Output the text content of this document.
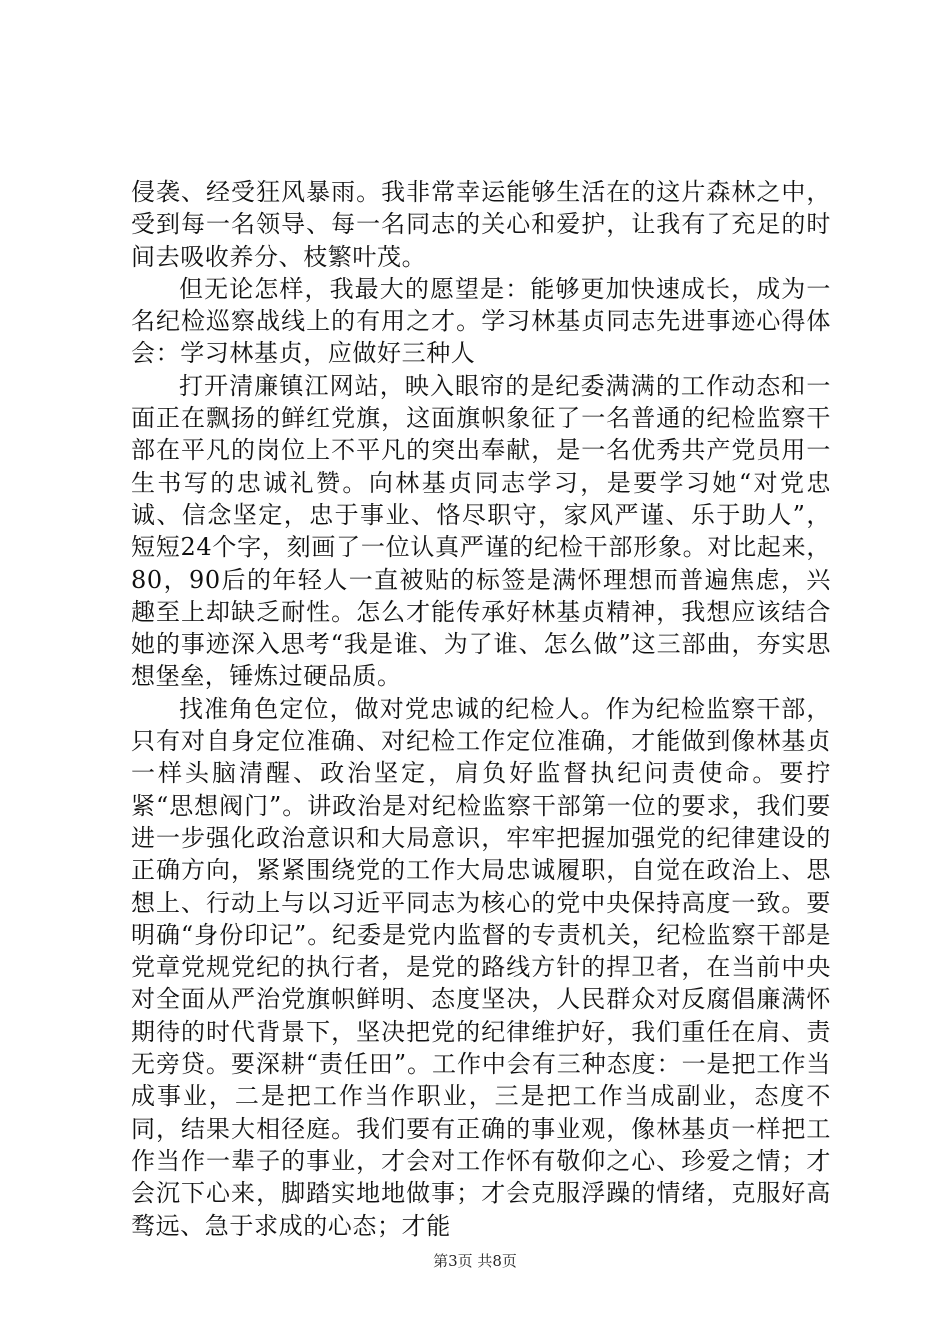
侵袭、经受狂风暴雨。我非常幸运能够生活在的这片森林之中，受到每一名领导、每一名同志的关心和爱护，让我有了充足的时间去吸收养分、枝繁叶茂。

但无论怎样，我最大的愿望是：能够更加快速成长，成为一名纪检巡察战线上的有用之才。学习林基贞同志先进事迹心得体会：学习林基贞，应做好三种人

打开清廉镇江网站，映入眼帘的是纪委满满的工作动态和一面正在飘扬的鲜红党旗，这面旗帜象征了一名普通的纪检监察干部在平凡的岗位上不平凡的突出奉献，是一名优秀共产党员用一生书写的忠诚礼赞。向林基贞同志学习，是要学习她“对党忠诚、信念坚定，忠于事业、恪尽职守，家风严谨、乐于助人”，短短24个字，刻画了一位认真严谨的纪检干部形象。对比起来，80，90后的年轻人一直被贴的标签是满怀理想而普遍焦虑，兴趣至上却缺乏耐性。怎么才能传承好林基贞精神，我想应该结合她的事迹深入思考“我是谁、为了谁、怎么做”这三部曲，夯实思想堡垒，锤炼过硬品质。

找准角色定位，做对党忠诚的纪检人。作为纪检监察干部，只有对自身定位准确、对纪检工作定位准确，才能做到像林基贞一样头脑清醒、政治坚定，肩负好监督执纪问责使命。要拧紧“思想阀门”。讲政治是对纪检监察干部第一位的要求，我们要进一步强化政治意识和大局意识，牢牢把握加强党的纪律建设的正确方向，紧紧围绕党的工作大局忠诚履职，自觉在政治上、思想上、行动上与以习近平同志为核心的党中央保持高度一致。要明确“身份印记”。纪委是党内监督的专责机关，纪检监察干部是党章党规党纪的执行者，是党的路线方针的捍卫者，在当前中央对全面从严治党旗帜鲜明、态度坚决，人民群众对反腐倡廉满怀期待的时代背景下，坚决把党的纪律维护好，我们重任在肩、责无旁贷。要深耕“责任田”。工作中会有三种态度：一是把工作当成事业，二是把工作当作职业，三是把工作当成副业，态度不同，结果大相径庭。我们要有正确的事业观，像林基贞一样把工作当作一辈子的事业，才会对工作怀有敬仰之心、珍爱之情；才会沉下心来，脚踏实地地做事；才会克服浮躁的情绪，克服好高骛远、急于求成的心态；才能

第3页 共8页
